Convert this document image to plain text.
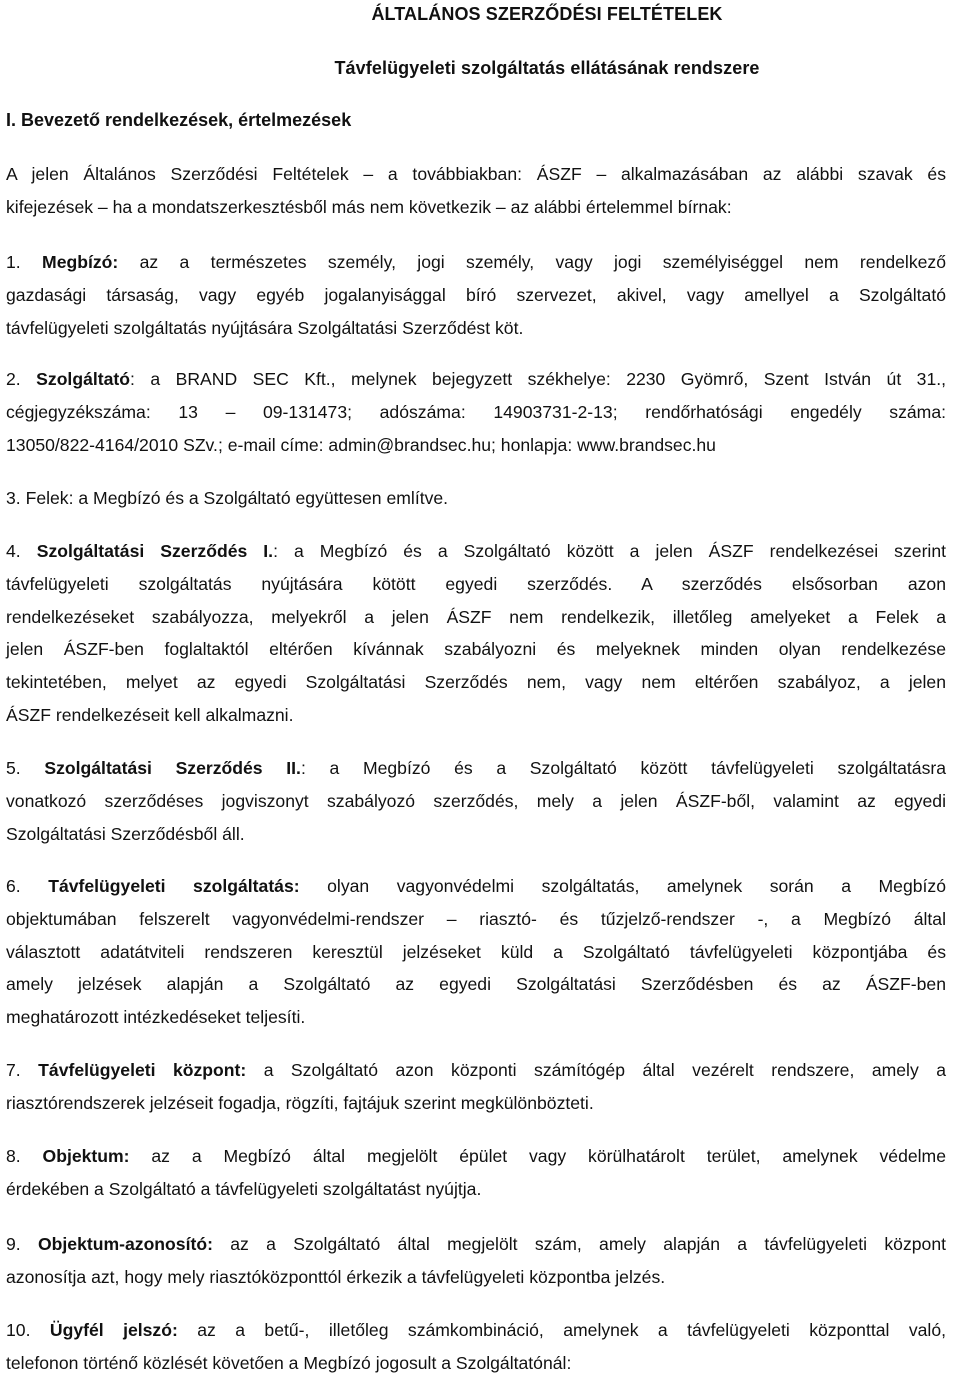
ÁLTALÁNOS SZERZŐDÉSI FELTÉTELEK
Távfelügyeleti szolgáltatás ellátásának rendszere
I. Bevezető rendelkezések, értelmezések
A jelen Általános Szerződési Feltételek – a továbbiakban: ÁSZF – alkalmazásában az alábbi szavak és
kifejezések – ha a mondatszerkesztésből más nem következik – az alábbi értelemmel bírnak:
1. Megbízó: az a természetes személy, jogi személy, vagy jogi személyiséggel nem rendelkező
gazdasági társaság, vagy egyéb jogalanyisággal bíró szervezet, akivel, vagy amellyel a Szolgáltató
távfelügyeleti szolgáltatás nyújtására Szolgáltatási Szerződést köt.
2. Szolgáltató: a BRAND SEC Kft., melynek bejegyzett székhelye: 2230 Gyömrő, Szent István út 31.,
cégjegyzékszáma: 13 – 09-131473; adószáma: 14903731-2-13; rendőrhatósági engedély száma:
13050/822-4164/2010 SZv.; e-mail címe: admin@brandsec.hu; honlapja: www.brandsec.hu
3. Felek: a Megbízó és a Szolgáltató együttesen említve.
4. Szolgáltatási Szerződés I.: a Megbízó és a Szolgáltató között a jelen ÁSZF rendelkezései szerint
távfelügyeleti szolgáltatás nyújtására kötött egyedi szerződés. A szerződés elsősorban azon
rendelkezéseket szabályozza, melyekről a jelen ÁSZF nem rendelkezik, illetőleg amelyeket a Felek a
jelen ÁSZF-ben foglaltaktól eltérően kívánnak szabályozni és melyeknek minden olyan rendelkezése
tekintetében, melyet az egyedi Szolgáltatási Szerződés nem, vagy nem eltérően szabályoz, a jelen
ÁSZF rendelkezéseit kell alkalmazni.
5. Szolgáltatási Szerződés II.: a Megbízó és a Szolgáltató között távfelügyeleti szolgáltatásra
vonatkozó szerződéses jogviszonyt szabályozó szerződés, mely a jelen ÁSZF-ből, valamint az egyedi
Szolgáltatási Szerződésből áll.
6. Távfelügyeleti szolgáltatás: olyan vagyonvédelmi szolgáltatás, amelynek során a Megbízó
objektumában felszerelt vagyonvédelmi-rendszer – riasztó- és tűzjelző-rendszer -, a Megbízó által
választott adatátviteli rendszeren keresztül jelzéseket küld a Szolgáltató távfelügyeleti központjába és
amely jelzések alapján a Szolgáltató az egyedi Szolgáltatási Szerződésben és az ÁSZF-ben
meghatározott intézkedéseket teljesíti.
7. Távfelügyeleti központ: a Szolgáltató azon központi számítógép által vezérelt rendszere, amely a
riasztórendszerek jelzéseit fogadja, rögzíti, fajtájuk szerint megkülönbözteti.
8. Objektum: az a Megbízó által megjelölt épület vagy körülhatárolt terület, amelynek védelme
érdekében a Szolgáltató a távfelügyeleti szolgáltatást nyújtja.
9. Objektum-azonosító: az a Szolgáltató által megjelölt szám, amely alapján a távfelügyeleti központ
azonosítja azt, hogy mely riasztóközponttól érkezik a távfelügyeleti központba jelzés.
10. Ügyfél jelszó: az a betű-, illetőleg számkombináció, amelynek a távfelügyeleti központtal való,
telefonon történő közlését követően a Megbízó jogosult a Szolgáltatónál:
